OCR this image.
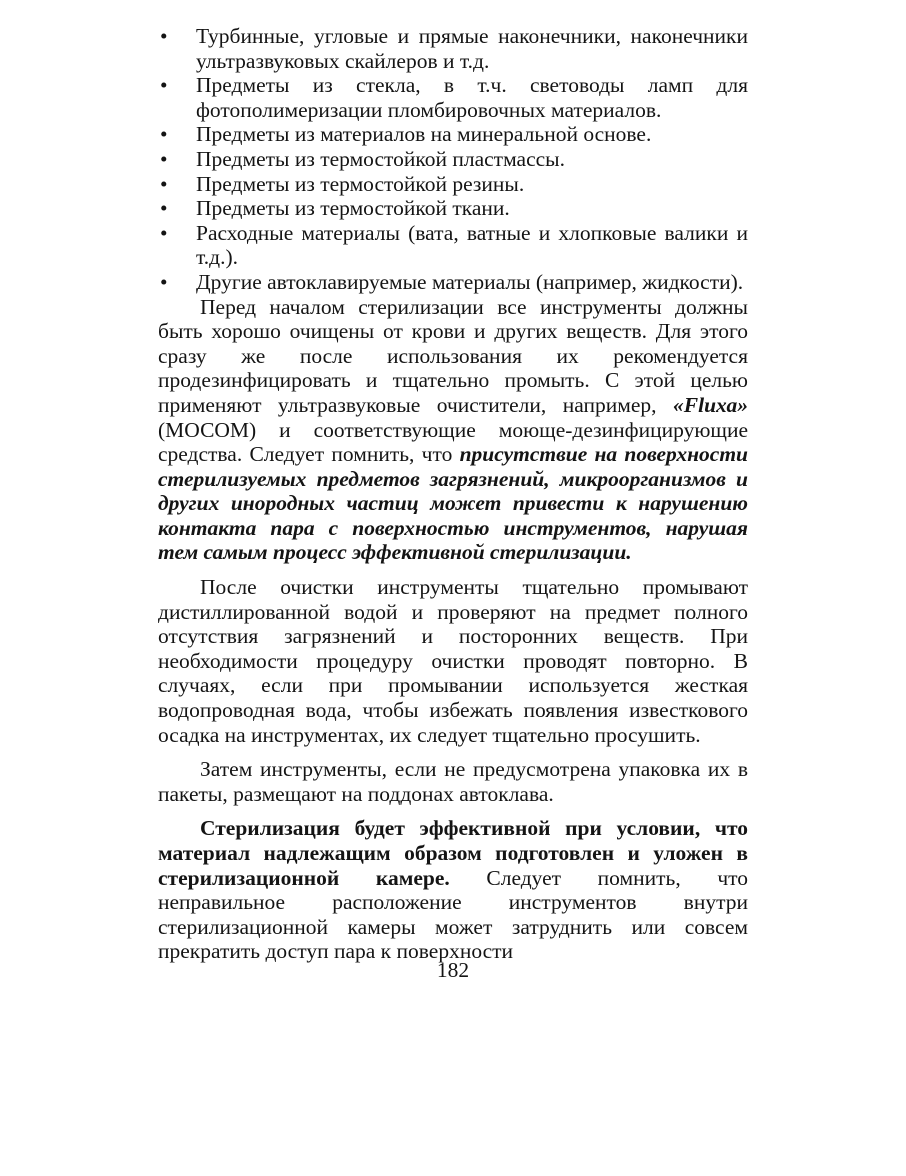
• Турбинные, угловые и прямые наконечники, наконечники ультразвуковых скайлеров и т.д.
• Предметы из стекла, в т.ч. световоды ламп для фотополимеризации пломбировочных материалов.
• Предметы из материалов на минеральной основе.
• Предметы из термостойкой пластмассы.
• Предметы из термостойкой резины.
• Предметы из термостойкой ткани.
• Расходные материалы (вата, ватные и хлопковые валики и т.д.).
• Другие автоклавируемые материалы (например, жидкости).

Перед началом стерилизации все инструменты должны быть хорошо очищены от крови и других веществ. Для этого сразу же после использования их рекомендуется продезинфицировать и тщательно промыть. С этой целью применяют ультразвуковые очистители, например, «Flиха» (МОСОМ) и соответствующие моюще-дезинфицирующие средства. Следует помнить, что присутствие на поверхности стерилизуемых предметов загрязнений, микроорганизмов и других инородных частиц может привести к нарушению контакта пара с поверхностью инструментов, нарушая тем самым процесс эффективной стерилизации.

После очистки инструменты тщательно промывают дистиллированной водой и проверяют на предмет полного отсутствия загрязнений и посторонних веществ. При необходимости процедуру очистки проводят повторно. В случаях, если при промывании используется жесткая водопроводная вода, чтобы избежать появления известкового осадка на инструментах, их следует тщательно просушить.

Затем инструменты, если не предусмотрена упаковка их в пакеты, размещают на поддонах автоклава.

Стерилизация будет эффективной при условии, что материал надлежащим образом подготовлен и уложен в стерилизационной камере. Следует помнить, что неправильное расположение инструментов внутри стерилизационной камеры может затруднить или совсем прекратить доступ пара к поверхности

182
